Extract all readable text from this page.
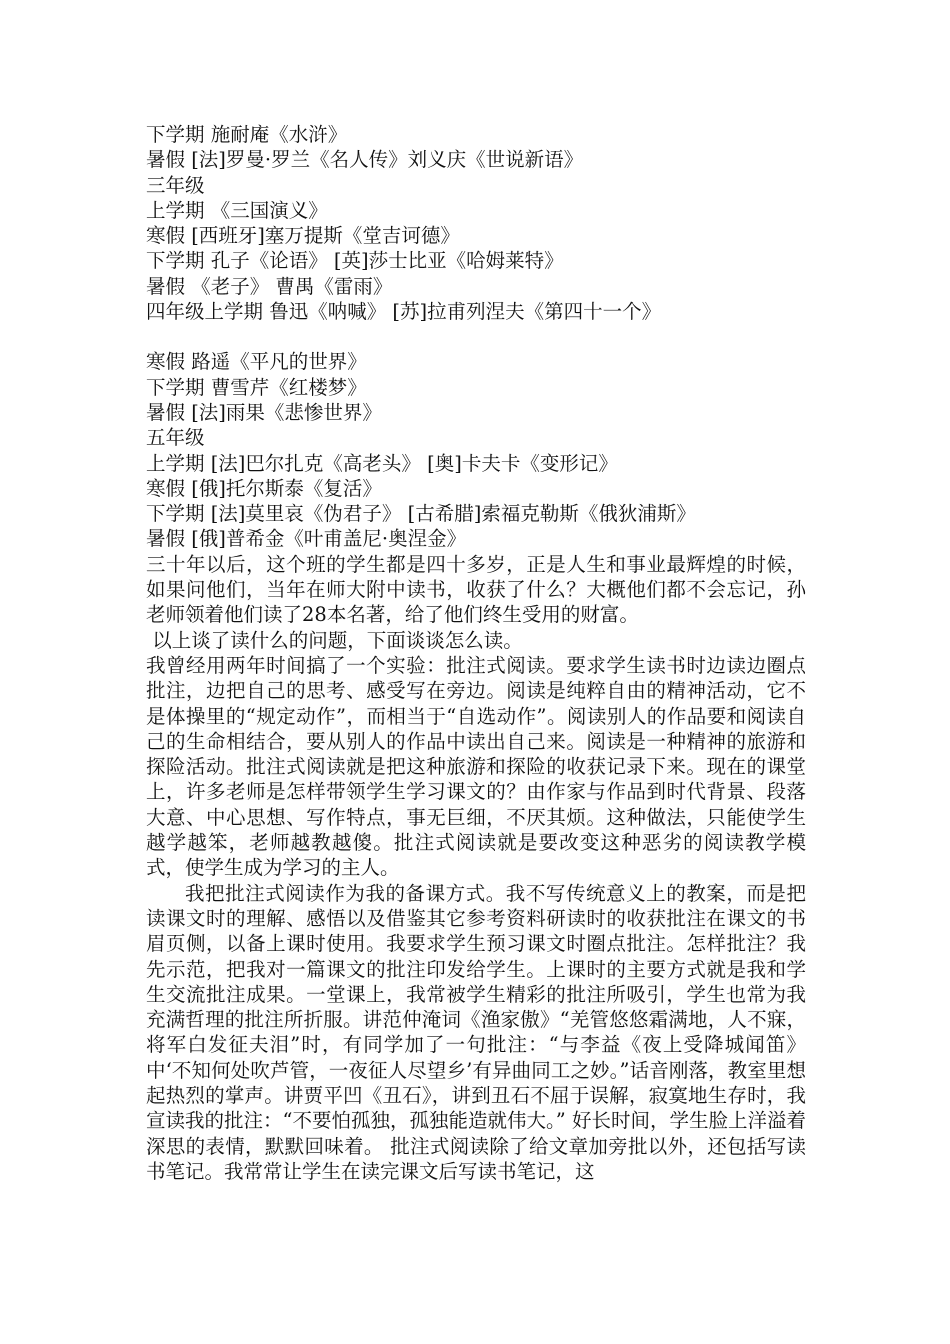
下学期 施耐庵《水浒》
暑假 [法]罗曼·罗兰《名人传》刘义庆《世说新语》
三年级
上学期 《三国演义》
寒假 [西班牙]塞万提斯《堂吉诃德》
下学期 孔子《论语》 [英]莎士比亚《哈姆莱特》
暑假 《老子》 曹禺《雷雨》
四年级上学期 鲁迅《呐喊》 [苏]拉甫列涅夫《第四十一个》
寒假 路遥《平凡的世界》
下学期 曹雪芹《红楼梦》
暑假 [法]雨果《悲惨世界》
五年级
上学期 [法]巴尔扎克《高老头》 [奥]卡夫卡《变形记》
寒假 [俄]托尔斯泰《复活》
下学期 [法]莫里哀《伪君子》 [古希腊]索福克勒斯《俄狄浦斯》
暑假 [俄]普希金《叶甫盖尼·奥涅金》

三十年以后，这个班的学生都是四十多岁，正是人生和事业最辉煌的时候，如果问他们，当年在师大附中读书，收获了什么？大概他们都不会忘记，孙老师领着他们读了28本名著，给了他们终生受用的财富。

以上谈了读什么的问题，下面谈谈怎么读。

我曾经用两年时间搞了一个实验：批注式阅读。要求学生读书时边读边圈点批注，边把自己的思考、感受写在旁边。阅读是纯粹自由的精神活动，它不是体操里的“规定动作”，而相当于“自选动作”。阅读别人的作品要和阅读自己的生命相结合，要从别人的作品中读出自己来。阅读是一种精神的旅游和探险活动。批注式阅读就是把这种旅游和探险的收获记录下来。现在的课堂上，许多老师是怎样带领学生学习课文的？由作家与作品到时代背景、段落大意、中心思想、写作特点，事无巨细，不厌其烦。这种做法，只能使学生越学越笨，老师越教越傻。批注式阅读就是要改变这种恶劣的阅读教学模式，使学生成为学习的主人。

我把批注式阅读作为我的备课方式。我不写传统意义上的教案，而是把读课文时的理解、感悟以及借鉴其它参考资料研读时的收获批注在课文的书眉页侧，以备上课时使用。我要求学生预习课文时圈点批注。怎样批注？我先示范，把我对一篇课文的批注印发给学生。上课时的主要方式就是我和学生交流批注成果。一堂课上，我常被学生精彩的批注所吸引，学生也常为我充满哲理的批注所折服。讲范仲淹词《渔家傲》“羌管悠悠霜满地，人不寐，将军白发征夫泪”时，有同学加了一句批注：“与李益《夜上受降城闻笛》中‘不知何处吹芦管，一夜征人尽望乡’有异曲同工之妙。”话音刚落，教室里想起热烈的掌声。讲贾平凹《丑石》，讲到丑石不屈于误解，寂寞地生存时，我宣读我的批注：“不要怕孤独，孤独能造就伟大。” 好长时间，学生脸上洋溢着深思的表情，默默回味着。 批注式阅读除了给文章加旁批以外，还包括写读书笔记。我常常让学生在读完课文后写读书笔记，这
